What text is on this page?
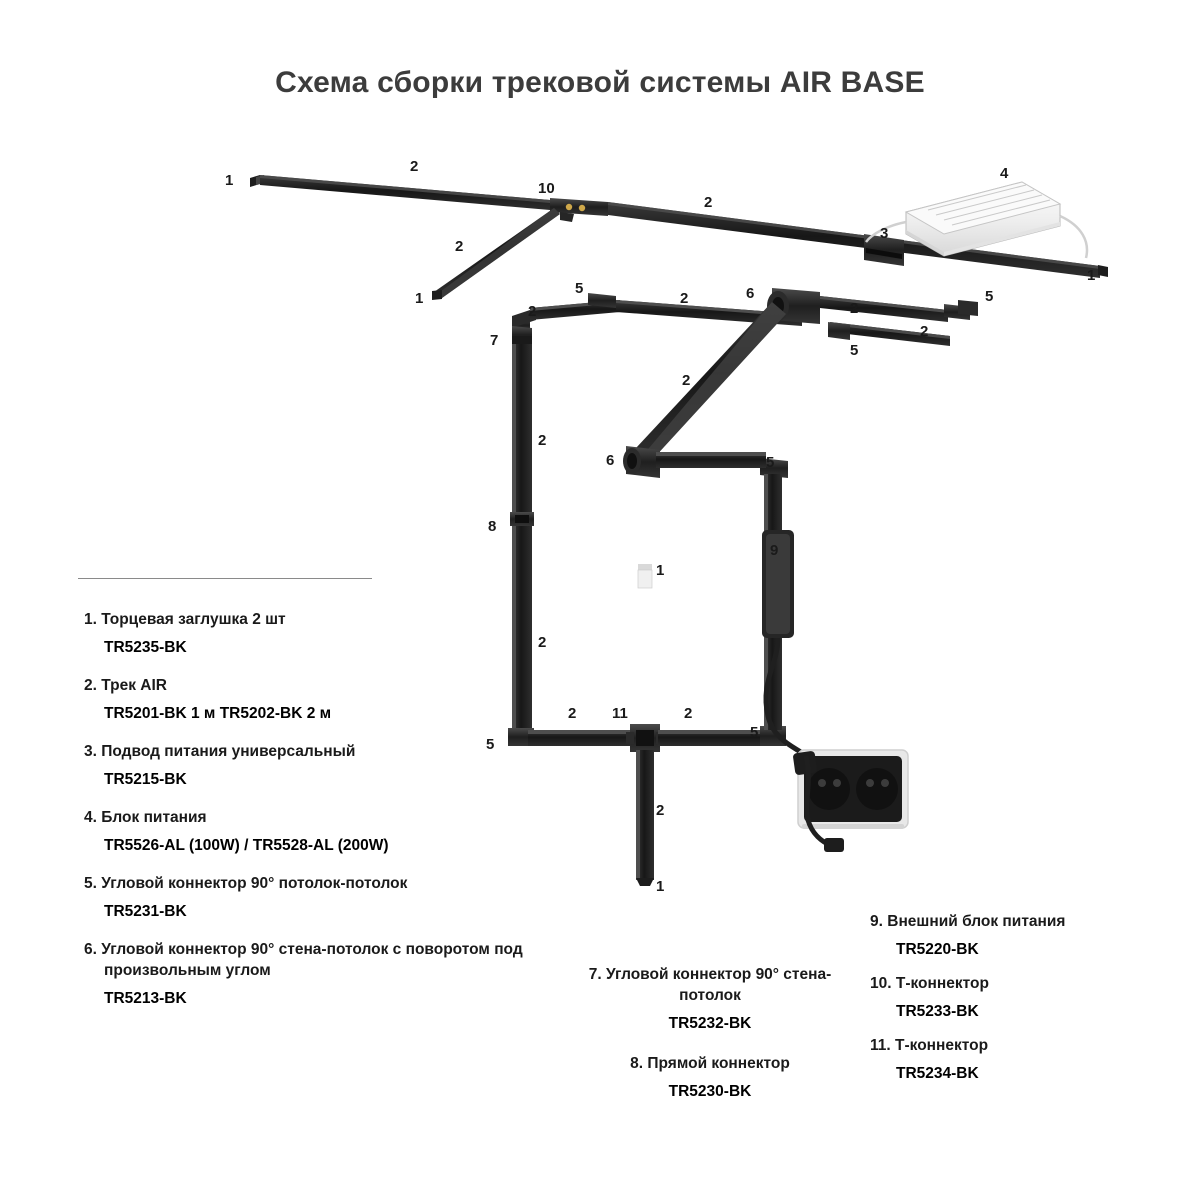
Схема сборки трековой системы AIR BASE
1
2
10
2
3
4
1
2
1
5
2
2	6
2
5
2
5
7
2
2
6	5
8
9
1
2
2 11	2
5
5
2
1
1. Торцевая заглушка 2 шт
TR5235-BK
2. Трек AIR
TR5201-BK 1 м TR5202-BK 2 м
3. Подвод питания универсальный
TR5215-BK
4. Блок питания
TR5526-AL (100W) / TR5528-AL (200W)
5. Угловой коннектор 90° потолок-потолок
TR5231-BK
6. Угловой коннектор 90° стена-потолок с поворотом под произвольным углом
TR5213-BK
7. Угловой коннектор 90° стена-потолок
TR5232-BK
8. Прямой коннектор
TR5230-BK
9. Внешний блок питания
TR5220-BK
10. Т-коннектор
TR5233-BK
11. Т-коннектор
TR5234-BK
